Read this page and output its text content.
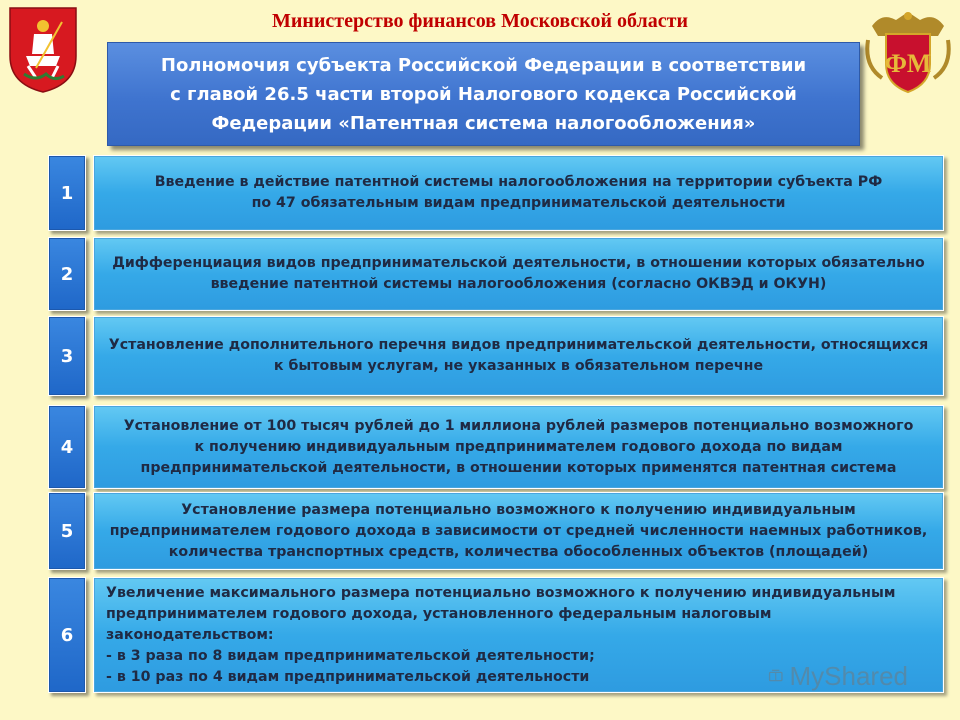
Министерство финансов Московской области
ФМ
Полномочия субъекта Российской Федерации в соответствии
с главой 26.5 части второй Налогового кодекса Российской
Федерации «Патентная система налогообложения»
1
Введение в действие патентной системы налогообложения на территории субъекта РФ
по 47 обязательным видам предпринимательской деятельности
2
Дифференциация видов предпринимательской деятельности, в отношении которых обязательно
введение патентной системы налогообложения (согласно ОКВЭД и ОКУН)
3
Установление дополнительного перечня видов предпринимательской деятельности, относящихся
к бытовым услугам, не указанных в обязательном перечне
4
Установление от 100 тысяч рублей до 1 миллиона рублей размеров потенциально возможного
к получению индивидуальным предпринимателем годового дохода по видам
предпринимательской деятельности, в отношении которых применятся патентная система
5
Установление размера потенциально возможного к получению индивидуальным
предпринимателем годового дохода в зависимости от средней численности наемных работников,
количества транспортных средств, количества обособленных объектов (площадей)
6
Увеличение максимального размера потенциально возможного к получению индивидуальным
предпринимателем годового дохода, установленного федеральным налоговым
законодательством:
- в 3 раза по 8 видам предпринимательской деятельности;
- в 10 раз по 4 видам предпринимательской деятельности	MyShared
